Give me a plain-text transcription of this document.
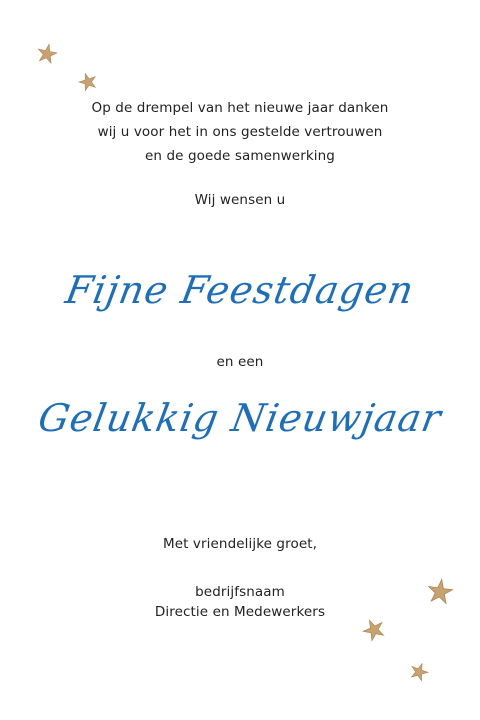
Op de drempel van het nieuwe jaar danken
wij u voor het in ons gestelde vertrouwen
en de goede samenwerking
Wij wensen u
Fijne Feestdagen
en een
Gelukkig Nieuwjaar
Met vriendelijke groet,
bedrijfsnaam
Directie en Medewerkers
